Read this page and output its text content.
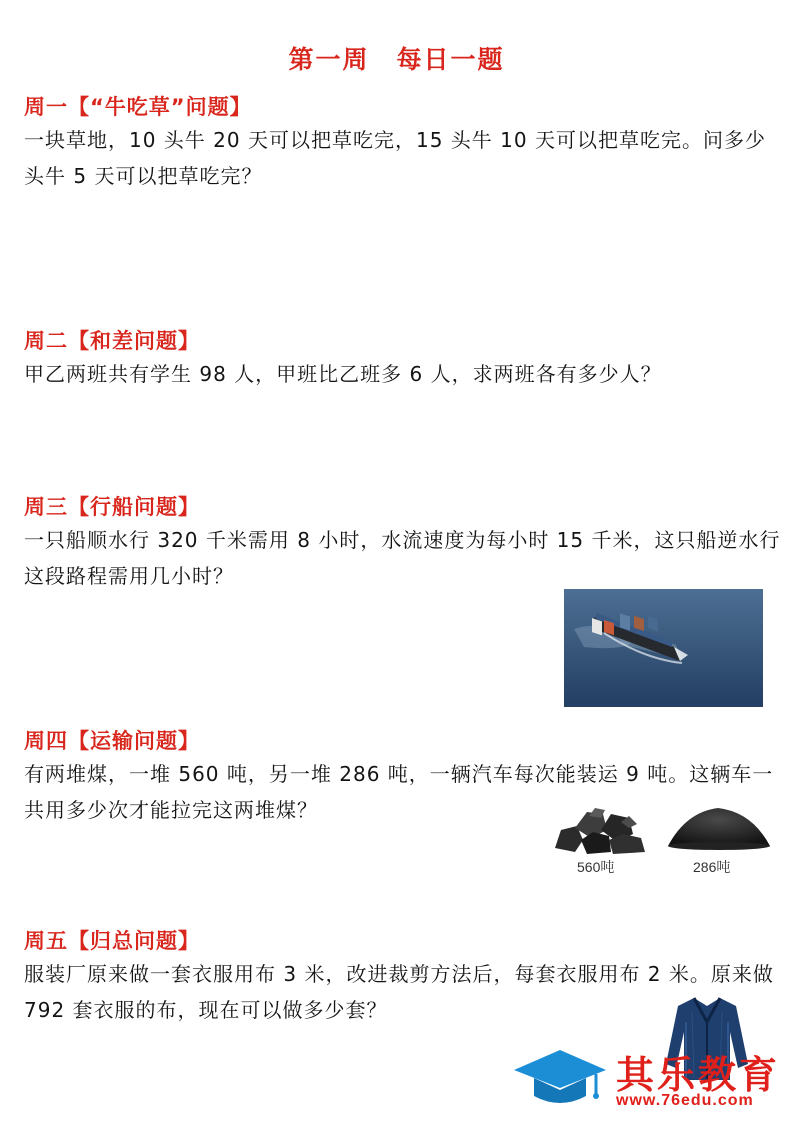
第一周　每日一题
周一【“牛吃草”问题】
一块草地，10 头牛 20 天可以把草吃完，15 头牛 10 天可以把草吃完。问多少头牛 5 天可以把草吃完？
周二【和差问题】
甲乙两班共有学生 98 人，甲班比乙班多 6 人，求两班各有多少人？
周三【行船问题】
一只船顺水行 320 千米需用 8 小时，水流速度为每小时 15 千米，这只船逆水行这段路程需用几小时？
周四【运输问题】
有两堆煤，一堆 560 吨，另一堆 286 吨，一辆汽车每次能装运 9 吨。这辆车一共用多少次才能拉完这两堆煤？
560吨	286吨
周五【归总问题】
服装厂原来做一套衣服用布 3 米，改进裁剪方法后，每套衣服用布 2 米。原来做 792 套衣服的布，现在可以做多少套？
其乐教育
www.76edu.com
